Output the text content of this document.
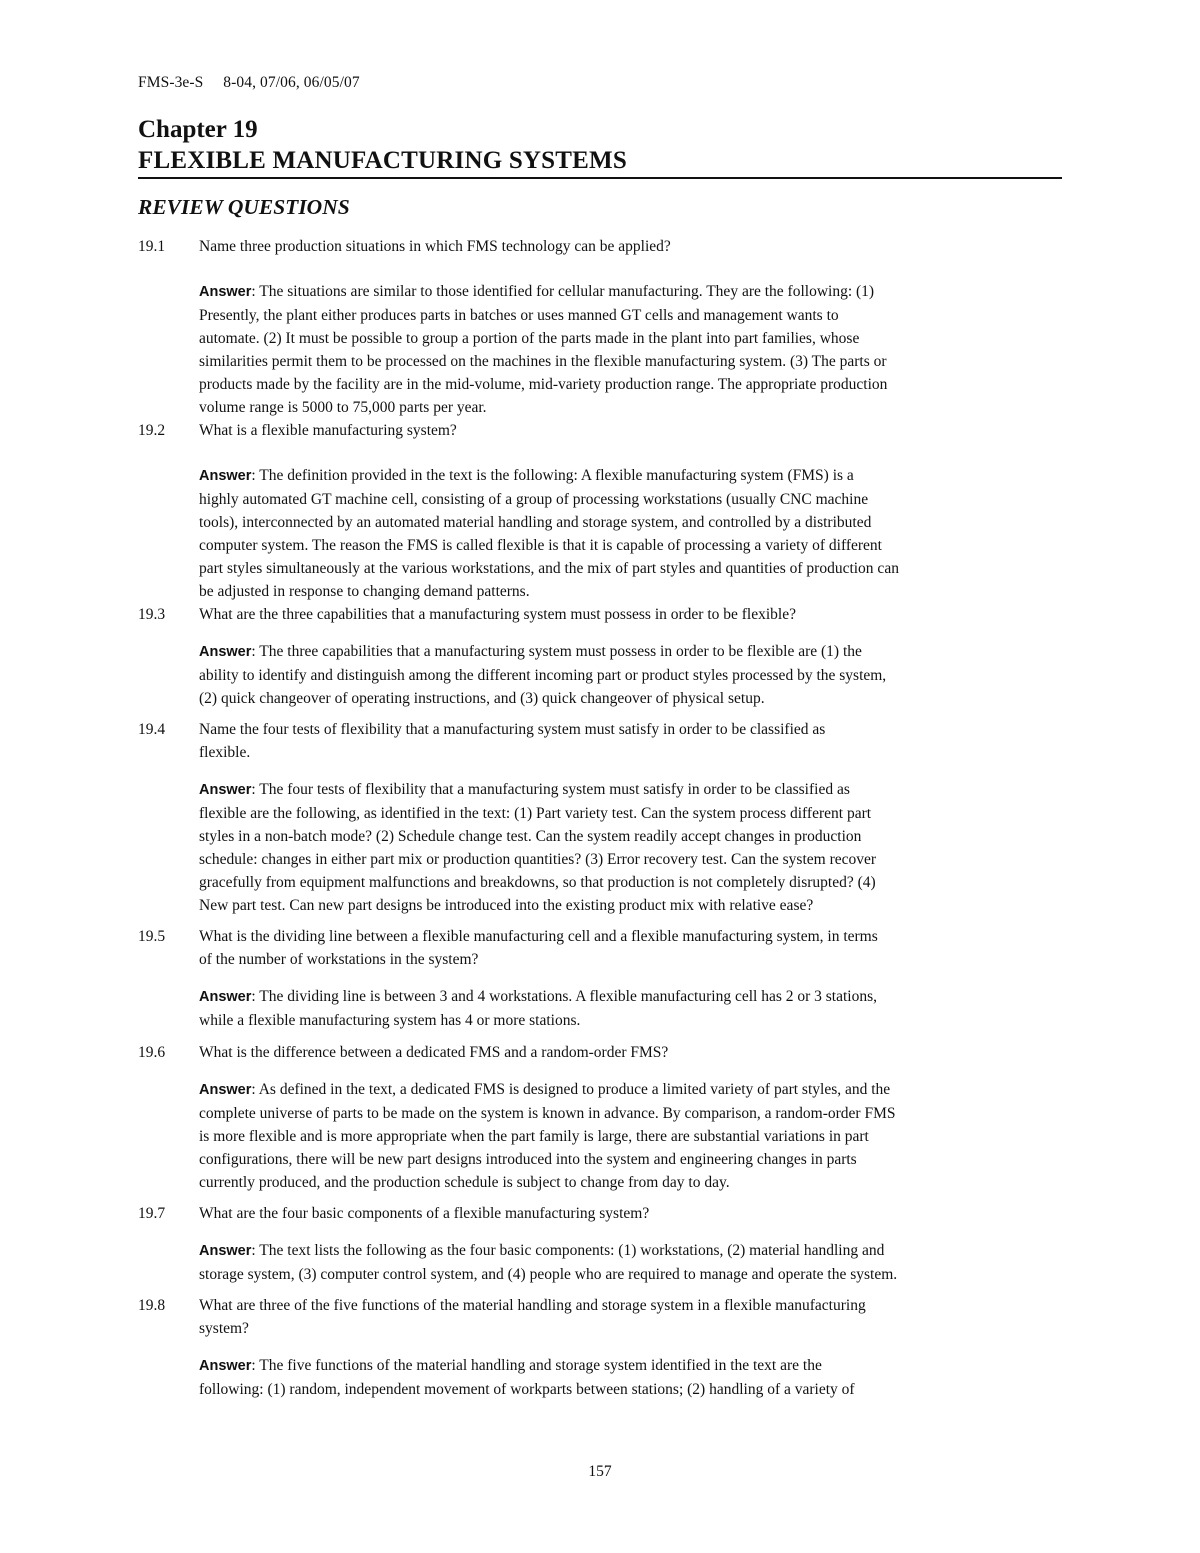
FMS-3e-S 8-04, 07/06, 06/05/07
Chapter 19
FLEXIBLE MANUFACTURING SYSTEMS
REVIEW QUESTIONS
19.1 Name three production situations in which FMS technology can be applied?
Answer: The situations are similar to those identified for cellular manufacturing. They are the following: (1)
Presently, the plant either produces parts in batches or uses manned GT cells and management wants to
automate. (2) It must be possible to group a portion of the parts made in the plant into part families, whose
similarities permit them to be processed on the machines in the flexible manufacturing system. (3) The parts or
products made by the facility are in the mid-volume, mid-variety production range. The appropriate production
volume range is 5000 to 75,000 parts per year.
19.2 What is a flexible manufacturing system?
Answer: The definition provided in the text is the following: A flexible manufacturing system (FMS) is a
highly automated GT machine cell, consisting of a group of processing workstations (usually CNC machine
tools), interconnected by an automated material handling and storage system, and controlled by a distributed
computer system. The reason the FMS is called flexible is that it is capable of processing a variety of different
part styles simultaneously at the various workstations, and the mix of part styles and quantities of production can
be adjusted in response to changing demand patterns.
19.3 What are the three capabilities that a manufacturing system must possess in order to be flexible?
Answer: The three capabilities that a manufacturing system must possess in order to be flexible are (1) the
ability to identify and distinguish among the different incoming part or product styles processed by the system,
(2) quick changeover of operating instructions, and (3) quick changeover of physical setup.
19.4 Name the four tests of flexibility that a manufacturing system must satisfy in order to be classified as
flexible.
Answer: The four tests of flexibility that a manufacturing system must satisfy in order to be classified as
flexible are the following, as identified in the text: (1) Part variety test. Can the system process different part
styles in a non-batch mode? (2) Schedule change test. Can the system readily accept changes in production
schedule: changes in either part mix or production quantities? (3) Error recovery test. Can the system recover
gracefully from equipment malfunctions and breakdowns, so that production is not completely disrupted? (4)
New part test. Can new part designs be introduced into the existing product mix with relative ease?
19.5 What is the dividing line between a flexible manufacturing cell and a flexible manufacturing system, in terms
of the number of workstations in the system?
Answer: The dividing line is between 3 and 4 workstations. A flexible manufacturing cell has 2 or 3 stations,
while a flexible manufacturing system has 4 or more stations.
19.6 What is the difference between a dedicated FMS and a random-order FMS?
Answer: As defined in the text, a dedicated FMS is designed to produce a limited variety of part styles, and the
complete universe of parts to be made on the system is known in advance. By comparison, a random-order FMS
is more flexible and is more appropriate when the part family is large, there are substantial variations in part
configurations, there will be new part designs introduced into the system and engineering changes in parts
currently produced, and the production schedule is subject to change from day to day.
19.7 What are the four basic components of a flexible manufacturing system?
Answer: The text lists the following as the four basic components: (1) workstations, (2) material handling and
storage system, (3) computer control system, and (4) people who are required to manage and operate the system.
19.8 What are three of the five functions of the material handling and storage system in a flexible manufacturing
system?
Answer: The five functions of the material handling and storage system identified in the text are the
following: (1) random, independent movement of workparts between stations; (2) handling of a variety of
157
